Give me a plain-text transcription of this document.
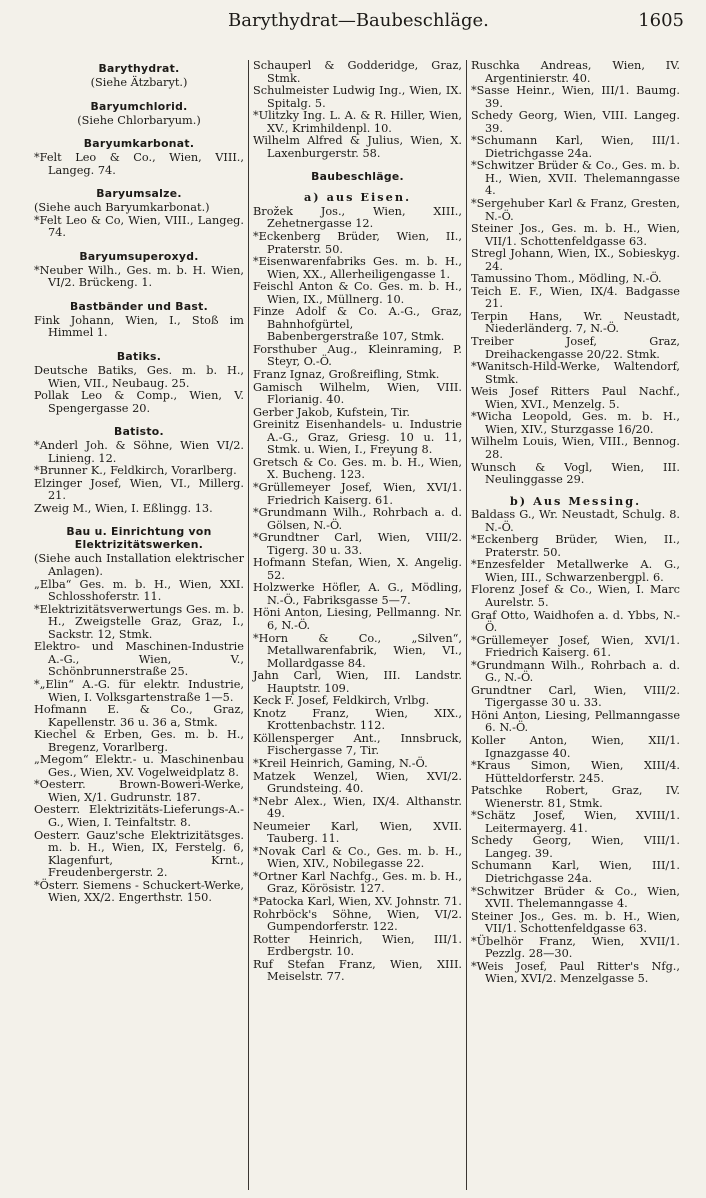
Barythydrat—Baubeschläge.	1605
Barythydrat.
(Siehe Ätzbaryt.)
Baryumchlorid.
(Siehe Chlorbaryum.)
Baryumkarbonat.
*Felt Leo & Co., Wien, VIII., Langeg. 74.
Baryumsalze.
(Siehe auch Baryumkarbonat.)
*Felt Leo & Co, Wien, VIII., Langeg. 74.
Baryumsuperoxyd.
*Neuber Wilh., Ges. m. b. H. Wien, VI/2. Brückeng. 1.
Bastbänder und Bast.
Fink Johann, Wien, I., Stoß im Himmel 1.
Batiks.
Deutsche Batiks, Ges. m. b. H., Wien, VII., Neubaug. 25.
Pollak Leo & Comp., Wien, V. Spengergasse 20.
Batisto.
*Anderl Joh. & Söhne, Wien VI/2. Linieng. 12.
*Brunner K., Feldkirch, Vorarlberg.
Elzinger Josef, Wien, VI., Millerg. 21.
Zweig M., Wien, I. Eßlingg. 13.
Bau u. Einrichtung von Elektrizitätswerken.
(Siehe auch Installation elektrischer Anlagen).
„Elba“ Ges. m. b. H., Wien, XXI. Schlosshoferstr. 11.
*Elektrizitätsverwertungs Ges. m. b. H., Zweigstelle Graz, Graz, I., Sackstr. 12, Stmk.
Elektro- und Maschinen-Industrie A.-G., Wien, V., Schönbrunnerstraße 25.
*„Elin“ A.-G. für elektr. Industrie, Wien, I. Volksgartenstraße 1—5.
Hofmann E. & Co., Graz, Kapellenstr. 36 u. 36 a, Stmk.
Kiechel & Erben, Ges. m. b. H., Bregenz, Vorarlberg.
„Megom“ Elektr.- u. Maschinenbau Ges., Wien, XV. Vogelweidplatz 8.
*Oesterr. Brown-Boweri-Werke, Wien, X/1. Gudrunstr. 187.
Oesterr. Elektrizitäts-Lieferungs-A.-G., Wien, I. Teinfaltstr. 8.
Oesterr. Gauz'sche Elektrizitätsges. m. b. H., Wien, IX, Ferstelg. 6, Klagenfurt, Krnt., Freudenbergerstr. 2.
*Österr. Siemens - Schuckert-Werke, Wien, XX/2. Engerthstr. 150.
Schauperl & Godderidge, Graz, Stmk.
Schulmeister Ludwig Ing., Wien, IX. Spitalg. 5.
*Ulitzky Ing. L. A. & R. Hiller, Wien, XV., Krimhildenpl. 10.
Wilhelm Alfred & Julius, Wien, X. Laxenburgerstr. 58.
Baubeschläge.
a) aus Eisen.
Brožek Jos., Wien, XIII., Zehetnergasse 12.
*Eckenberg Brüder, Wien, II., Praterstr. 50.
*Eisenwarenfabriks Ges. m. b. H., Wien, XX., Allerheiligengasse 1.
Feischl Anton & Co. Ges. m. b. H., Wien, IX., Müllnerg. 10.
Finze Adolf & Co. A.-G., Graz, Bahnhofgürtel, Babenbergerstraße 107, Stmk.
Forsthuber Aug., Kleinraming, P. Steyr, O.-Ö.
Franz Ignaz, Großreifling, Stmk.
Gamisch Wilhelm, Wien, VIII. Florianig. 40.
Gerber Jakob, Kufstein, Tir.
Greinitz Eisenhandels- u. Industrie A.-G., Graz, Griesg. 10 u. 11, Stmk. u. Wien, I., Freyung 8.
Gretsch & Co. Ges. m. b. H., Wien, X. Bucheng. 123.
*Grüllemeyer Josef, Wien, XVI/1. Friedrich Kaiserg. 61.
*Grundmann Wilh., Rohrbach a. d. Gölsen, N.-Ö.
*Grundtner Carl, Wien, VIII/2. Tigerg. 30 u. 33.
Hofmann Stefan, Wien, X. Angelig. 52.
Holzwerke Höfler, A. G., Mödling, N.-Ö., Fabriksgasse 5—7.
Höni Anton, Liesing, Pellmanng. Nr. 6, N.-Ö.
*Horn & Co., „Silven“, Metallwarenfabrik, Wien, VI., Mollardgasse 84.
Jahn Carl, Wien, III. Landstr. Hauptstr. 109.
Keck F. Josef, Feldkirch, Vrlbg.
Knotz Franz, Wien, XIX., Krottenbachstr. 112.
Köllensperger Ant., Innsbruck, Fischergasse 7, Tir.
*Kreil Heinrich, Gaming, N.-Ö.
Matzek Wenzel, Wien, XVI/2. Grundsteing. 40.
*Nebr Alex., Wien, IX/4. Althanstr. 49.
Neumeier Karl, Wien, XVII. Tauberg. 11.
*Novak Carl & Co., Ges. m. b. H., Wien, XIV., Nobilegasse 22.
*Ortner Karl Nachfg., Ges. m. b. H., Graz, Körösistr. 127.
*Patocka Karl, Wien, XV. Johnstr. 71.
Rohrböck's Söhne, Wien, VI/2. Gumpendorferstr. 122.
Rotter Heinrich, Wien, III/1. Erdbergstr. 10.
Ruf Stefan Franz, Wien, XIII. Meiselstr. 77.
Ruschka Andreas, Wien, IV. Argentinierstr. 40.
*Sasse Heinr., Wien, III/1. Baumg. 39.
Schedy Georg, Wien, VIII. Langeg. 39.
*Schumann Karl, Wien, III/1. Dietrichgasse 24a.
*Schwitzer Brüder & Co., Ges. m. b. H., Wien, XVII. Thelemanngasse 4.
*Sergehuber Karl & Franz, Gresten, N.-Ö.
Steiner Jos., Ges. m. b. H., Wien, VII/1. Schottenfeldgasse 63.
Stregl Johann, Wien, IX., Sobieskyg. 24.
Tamussino Thom., Mödling, N.-Ö.
Teich E. F., Wien, IX/4. Badgasse 21.
Terpin Hans, Wr. Neustadt, Niederländerg. 7, N.-Ö.
Treiber Josef, Graz, Dreihackengasse 20/22. Stmk.
*Wanitsch-Hild-Werke, Waltendorf, Stmk.
Weis Josef Ritters Paul Nachf., Wien, XVI., Menzelg. 5.
*Wicha Leopold, Ges. m. b. H., Wien, XIV., Sturzgasse 16/20.
Wilhelm Louis, Wien, VIII., Bennog. 28.
Wunsch & Vogl, Wien, III. Neulinggasse 29.
b) Aus Messing.
Baldass G., Wr. Neustadt, Schulg. 8. N.-Ö.
*Eckenberg Brüder, Wien, II., Praterstr. 50.
*Enzesfelder Metallwerke A. G., Wien, III., Schwarzenbergpl. 6.
Florenz Josef & Co., Wien, I. Marc Aurelstr. 5.
Graf Otto, Waidhofen a. d. Ybbs, N.-Ö.
*Grüllemeyer Josef, Wien, XVI/1. Friedrich Kaiserg. 61.
*Grundmann Wilh., Rohrbach a. d. G., N.-Ö.
Grundtner Carl, Wien, VIII/2. Tigergasse 30 u. 33.
Höni Anton, Liesing, Pellmanngasse 6. N.-Ö.
Koller Anton, Wien, XII/1. Ignazgasse 40.
*Kraus Simon, Wien, XIII/4. Hütteldorferstr. 245.
Patschke Robert, Graz, IV. Wienerstr. 81, Stmk.
*Schätz Josef, Wien, XVIII/1. Leitermayerg. 41.
Schedy Georg, Wien, VIII/1. Langeg. 39.
Schumann Karl, Wien, III/1. Dietrichgasse 24a.
*Schwitzer Brüder & Co., Wien, XVII. Thelemanngasse 4.
Steiner Jos., Ges. m. b. H., Wien, VII/1. Schottenfeldgasse 63.
*Übelhör Franz, Wien, XVII/1. Pezzlg. 28—30.
*Weis Josef, Paul Ritter's Nfg., Wien, XVI/2. Menzelgasse 5.
